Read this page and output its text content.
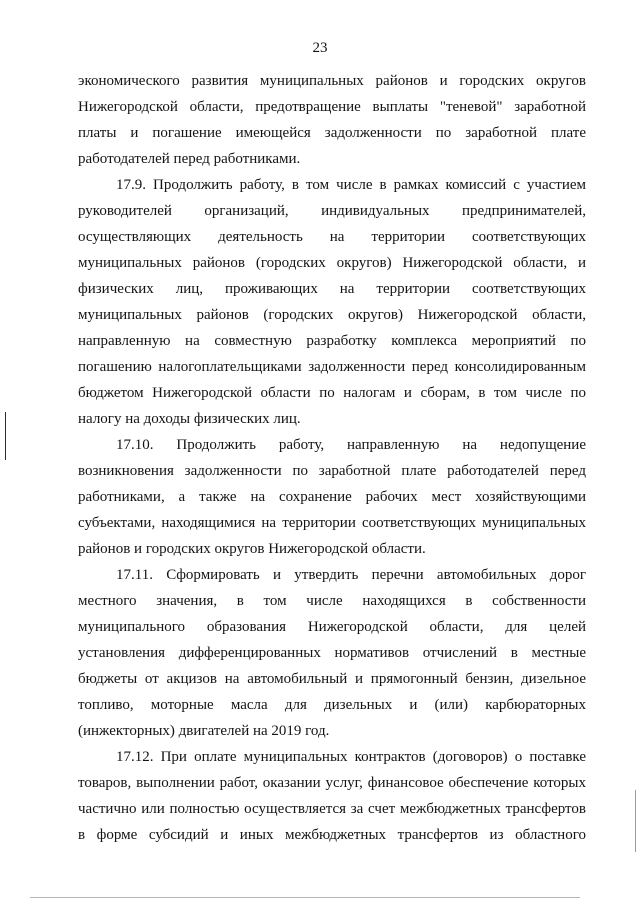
23
экономического развития муниципальных районов и городских округов
Нижегородской области, предотвращение выплаты "теневой" заработной
платы и погашение имеющейся задолженности по заработной плате
работодателей перед работниками.
17.9. Продолжить работу, в том числе в рамках комиссий с участием
руководителей организаций, индивидуальных предпринимателей,
осуществляющих деятельность на территории соответствующих
муниципальных районов (городских округов) Нижегородской области, и
физических лиц, проживающих на территории соответствующих
муниципальных районов (городских округов) Нижегородской области,
направленную на совместную разработку комплекса мероприятий по
погашению налогоплательщиками задолженности перед консолидированным
бюджетом Нижегородской области по налогам и сборам, в том числе по
налогу на доходы физических лиц.
17.10. Продолжить работу, направленную на недопущение
возникновения задолженности по заработной плате работодателей перед
работниками, а также на сохранение рабочих мест хозяйствующими
субъектами, находящимися на территории соответствующих муниципальных
районов и городских округов Нижегородской области.
17.11. Сформировать и утвердить перечни автомобильных дорог
местного значения, в том числе находящихся в собственности
муниципального образования Нижегородской области, для целей
установления дифференцированных нормативов отчислений в местные
бюджеты от акцизов на автомобильный и прямогонный бензин, дизельное
топливо, моторные масла для дизельных и (или) карбюраторных
(инжекторных) двигателей на 2019 год.
17.12. При оплате муниципальных контрактов (договоров) о поставке
товаров, выполнении работ, оказании услуг, финансовое обеспечение которых
частично или полностью осуществляется за счет межбюджетных трансфертов
в форме субсидий и иных межбюджетных трансфертов из областного
